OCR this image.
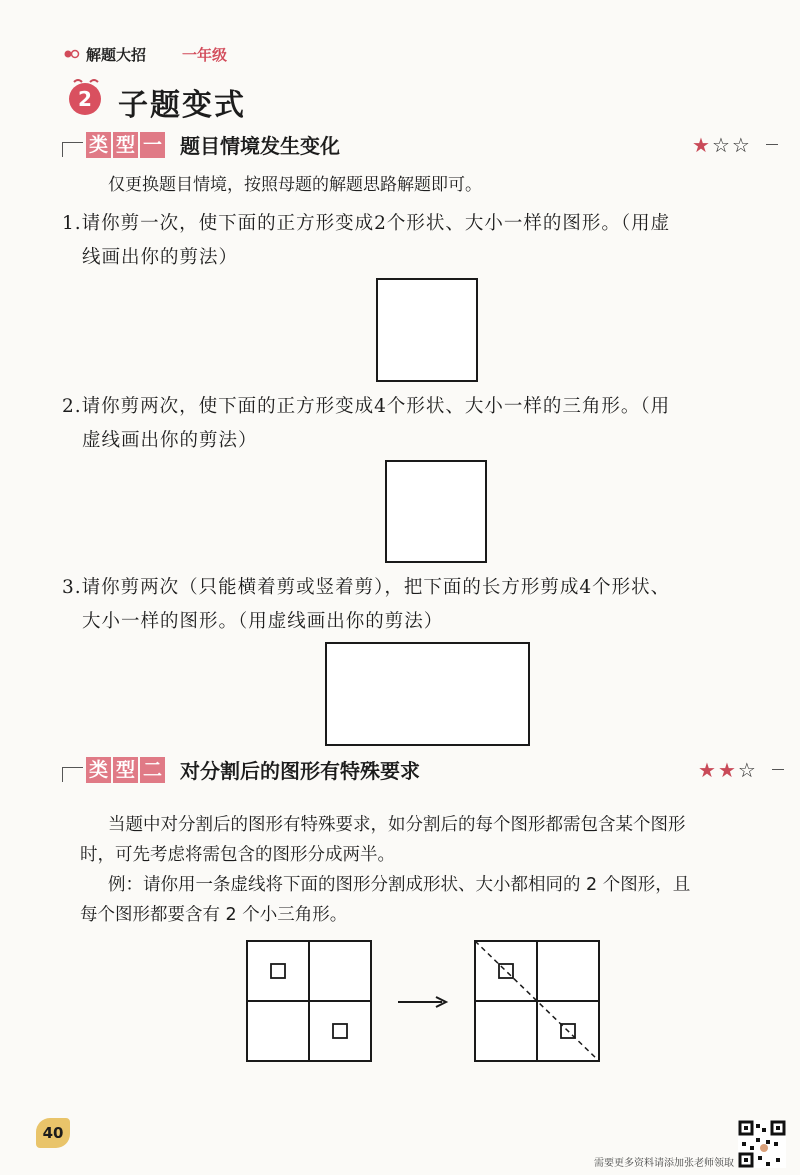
解题大招 一年级
2 子题变式
类 型 一 题目情境发生变化	★ ☆ ☆
仅更换题目情境，按照母题的解题思路解题即可。
1.请你剪一次，使下面的正方形变成2个形状、大小一样的图形。（用虚
线画出你的剪法）
2.请你剪两次，使下面的正方形变成4个形状、大小一样的三角形。（用
虚线画出你的剪法）
3.请你剪两次（只能横着剪或竖着剪），把下面的长方形剪成4个形状、
大小一样的图形。（用虚线画出你的剪法）
类 型 二 对分割后的图形有特殊要求	★ ★ ☆
当题中对分割后的图形有特殊要求，如分割后的每个图形都需包含某个图形
时，可先考虑将需包含的图形分成两半。
例：请你用一条虚线将下面的图形分割成形状、大小都相同的 2 个图形，且
每个图形都要含有 2 个小三角形。
40
需要更多资料请添加张老师领取
